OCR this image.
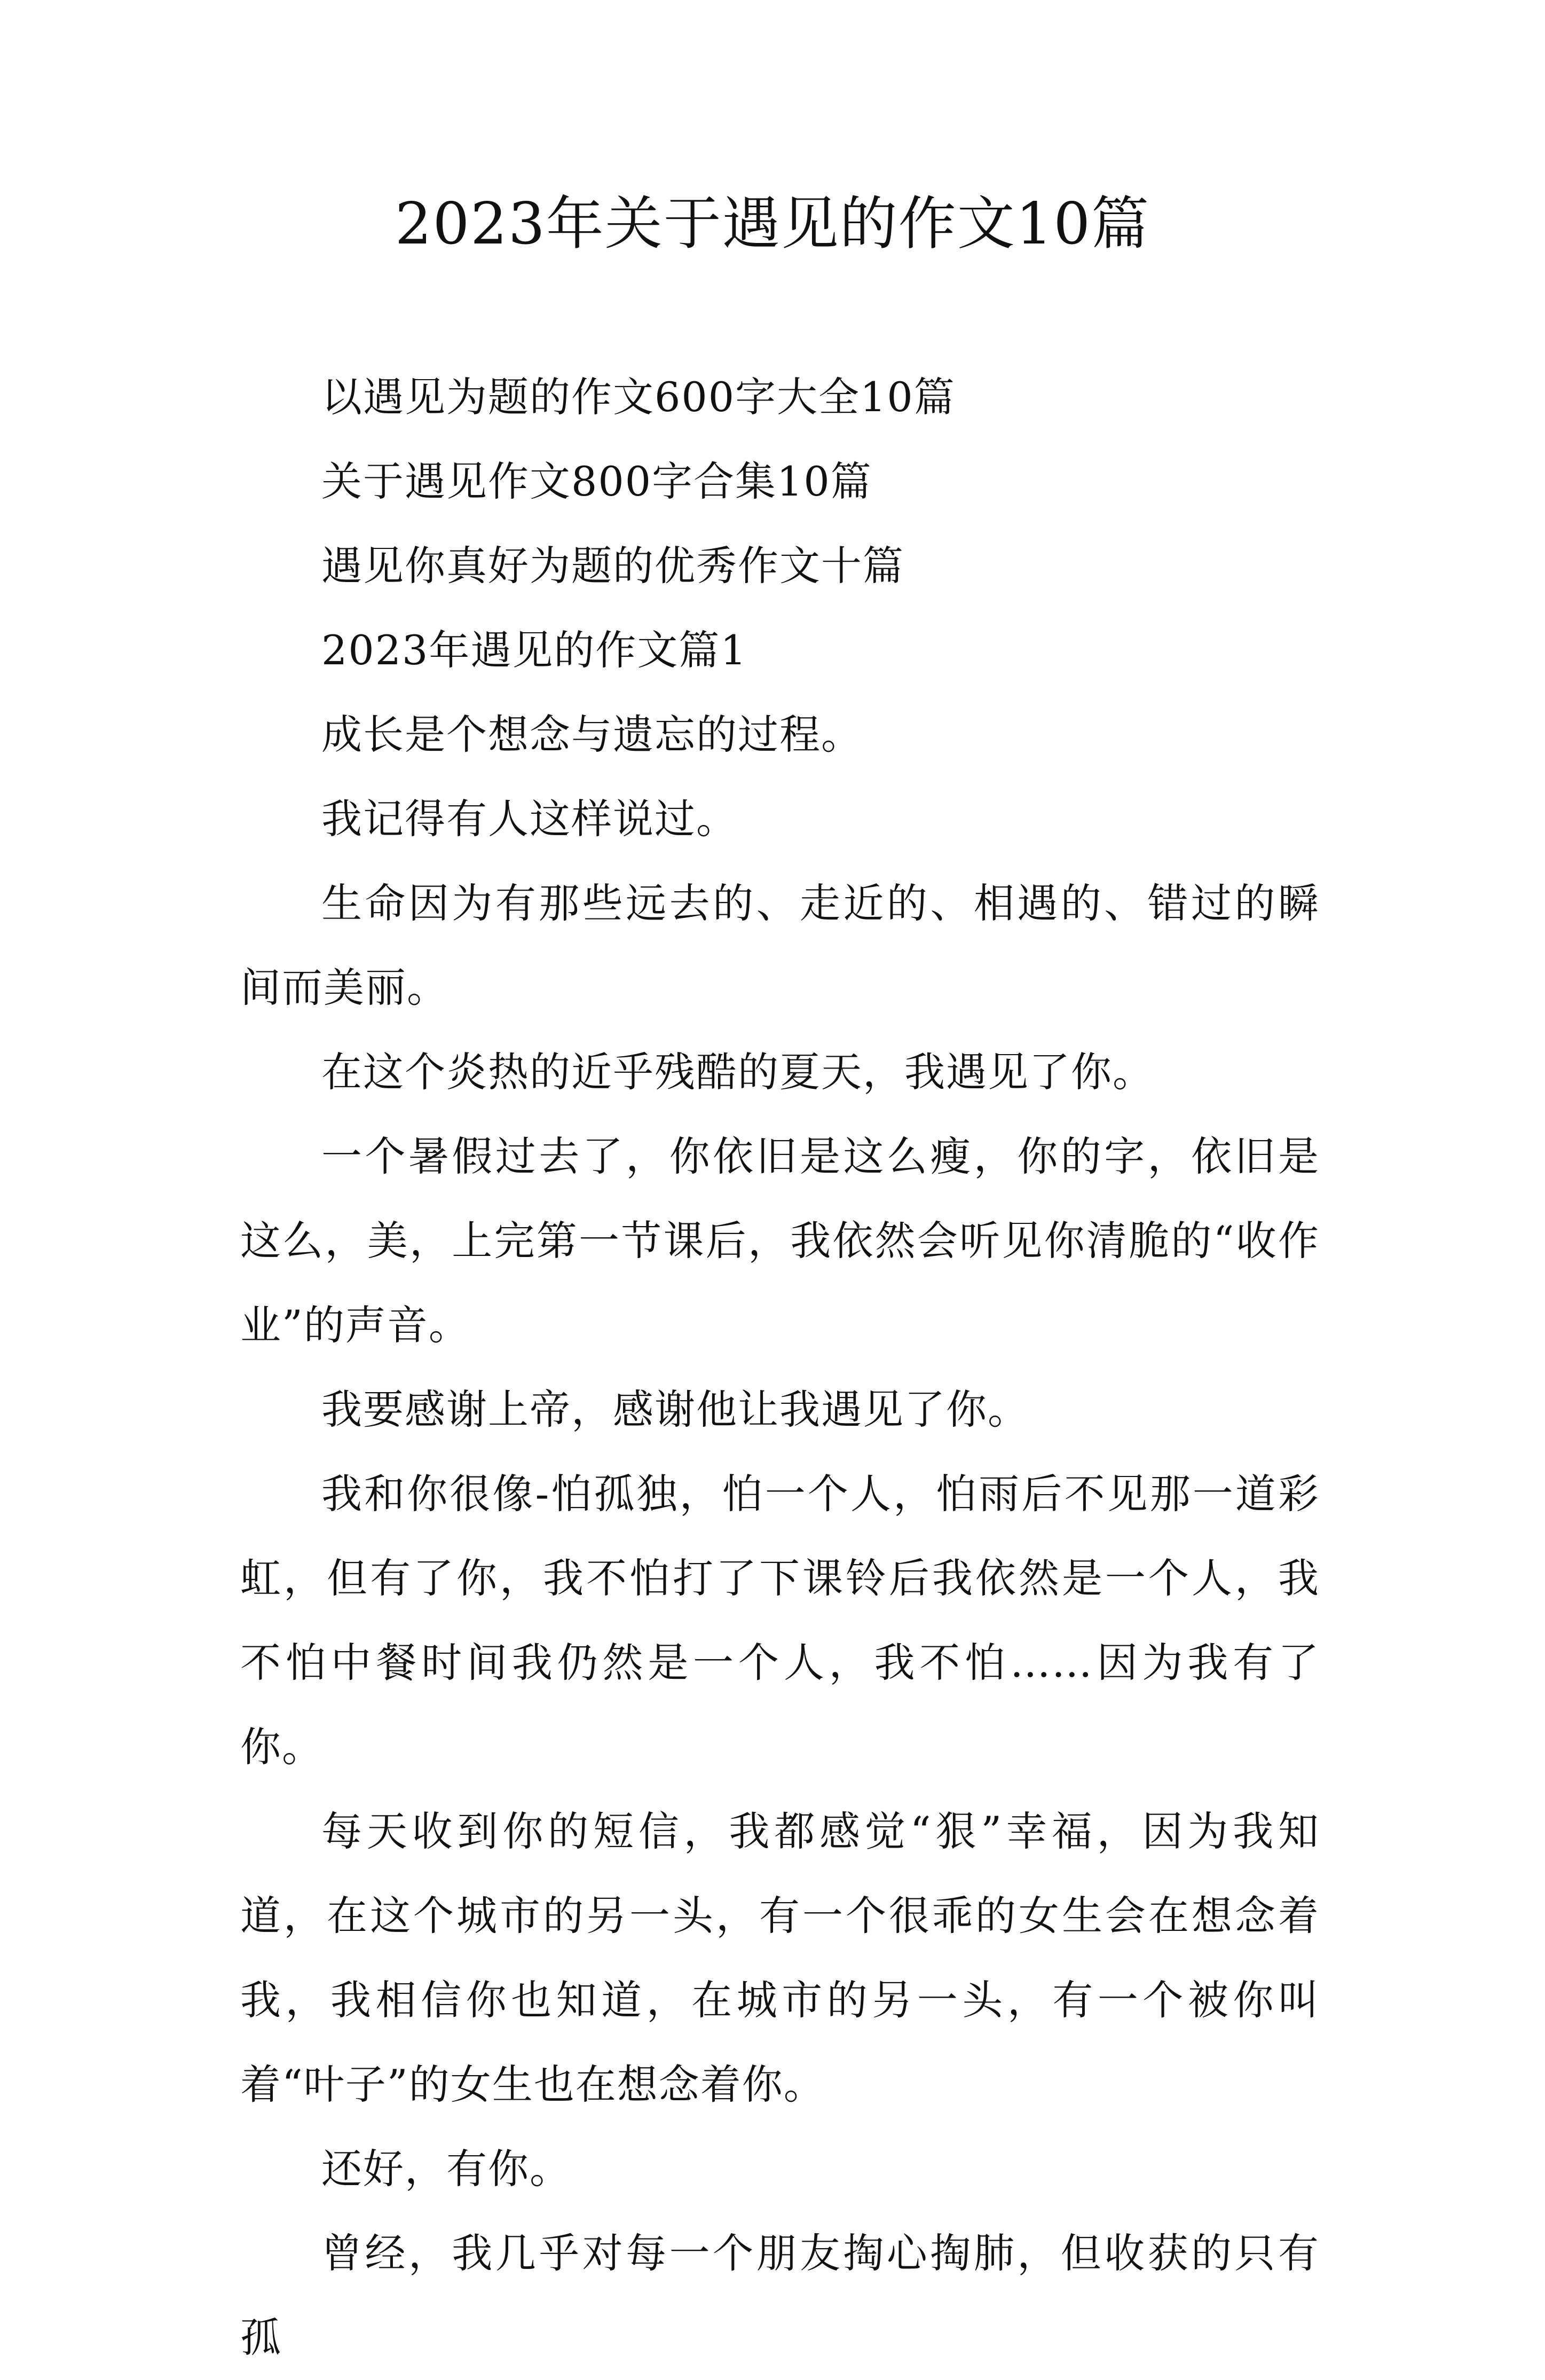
2023年关于遇见的作文10篇

以遇见为题的作文600字大全10篇

关于遇见作文800字合集10篇

遇见你真好为题的优秀作文十篇

2023年遇见的作文篇1

成长是个想念与遗忘的过程。

我记得有人这样说过。

生命因为有那些远去的、走近的、相遇的、错过的瞬间而美丽。

在这个炎热的近乎残酷的夏天，我遇见了你。

一个暑假过去了，你依旧是这么瘦，你的字，依旧是这么，美，上完第一节课后，我依然会听见你清脆的“收作业”的声音。

我要感谢上帝，感谢他让我遇见了你。

我和你很像-怕孤独，怕一个人，怕雨后不见那一道彩虹，但有了你，我不怕打了下课铃后我依然是一个人，我不怕中餐时间我仍然是一个人，我不怕……因为我有了你。

每天收到你的短信，我都感觉“狠”幸福，因为我知道，在这个城市的另一头，有一个很乖的女生会在想念着我，我相信你也知道，在城市的另一头，有一个被你叫着“叶子”的女生也在想念着你。

还好，有你。

曾经，我几乎对每一个朋友掏心掏肺，但收获的只有孤
